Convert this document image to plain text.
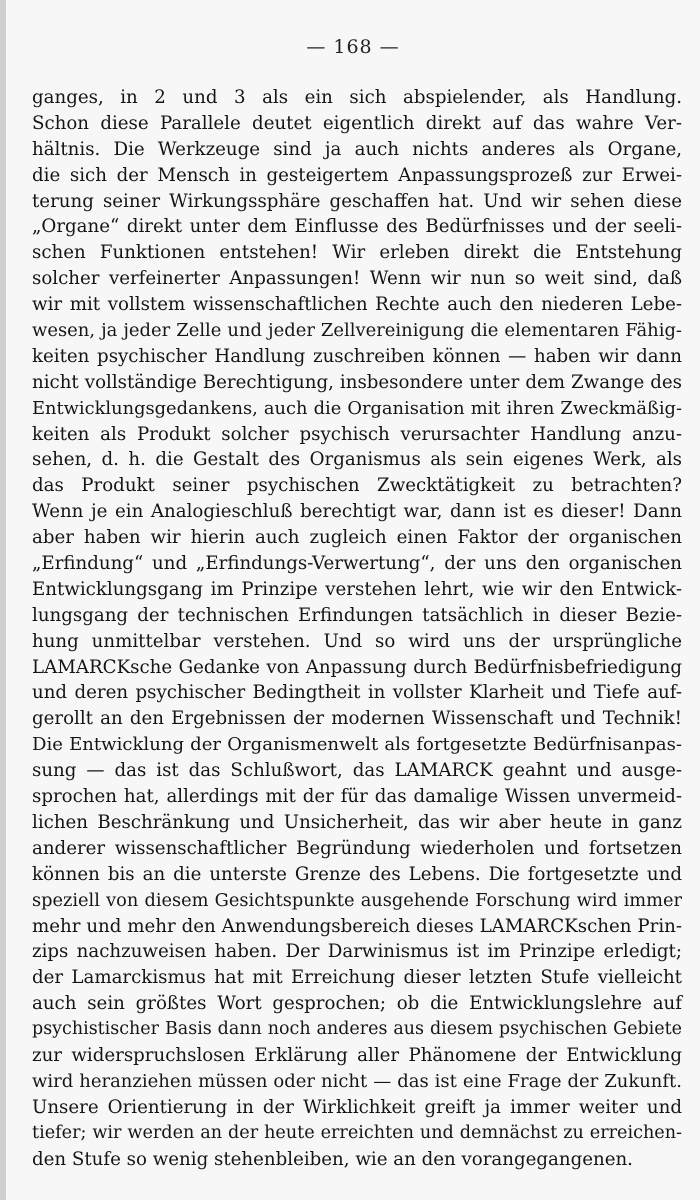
— 168 —
ganges, in 2 und 3 als ein sich abspielender, als Handlung.
Schon diese Parallele deutet eigentlich direkt auf das wahre Ver-
hältnis. Die Werkzeuge sind ja auch nichts anderes als Organe,
die sich der Mensch in gesteigertem Anpassungsprozeß zur Erwei-
terung seiner Wirkungssphäre geschaffen hat. Und wir sehen diese
„Organe“ direkt unter dem Einflusse des Bedürfnisses und der seeli-
schen Funktionen entstehen! Wir erleben direkt die Entstehung
solcher verfeinerter Anpassungen! Wenn wir nun so weit sind, daß
wir mit vollstem wissenschaftlichen Rechte auch den niederen Lebe-
wesen, ja jeder Zelle und jeder Zellvereinigung die elementaren Fähig-
keiten psychischer Handlung zuschreiben können — haben wir dann
nicht vollständige Berechtigung, insbesondere unter dem Zwange des
Entwicklungsgedankens, auch die Organisation mit ihren Zweckmäßig-
keiten als Produkt solcher psychisch verursachter Handlung anzu-
sehen, d. h. die Gestalt des Organismus als sein eigenes Werk, als
das Produkt seiner psychischen Zwecktätigkeit zu betrachten?
Wenn je ein Analogieschluß berechtigt war, dann ist es dieser! Dann
aber haben wir hierin auch zugleich einen Faktor der organischen
„Erfindung“ und „Erfindungs-Verwertung“, der uns den organischen
Entwicklungsgang im Prinzipe verstehen lehrt, wie wir den Entwick-
lungsgang der technischen Erfindungen tatsächlich in dieser Bezie-
hung unmittelbar verstehen. Und so wird uns der ursprüngliche
LAMARCKsche Gedanke von Anpassung durch Bedürfnisbefriedigung
und deren psychischer Bedingtheit in vollster Klarheit und Tiefe auf-
gerollt an den Ergebnissen der modernen Wissenschaft und Technik!
Die Entwicklung der Organismenwelt als fortgesetzte Bedürfnisanpas-
sung — das ist das Schlußwort, das LAMARCK geahnt und ausge-
sprochen hat, allerdings mit der für das damalige Wissen unvermeid-
lichen Beschränkung und Unsicherheit, das wir aber heute in ganz
anderer wissenschaftlicher Begründung wiederholen und fortsetzen
können bis an die unterste Grenze des Lebens. Die fortgesetzte und
speziell von diesem Gesichtspunkte ausgehende Forschung wird immer
mehr und mehr den Anwendungsbereich dieses LAMARCKschen Prin-
zips nachzuweisen haben. Der Darwinismus ist im Prinzipe erledigt;
der Lamarckismus hat mit Erreichung dieser letzten Stufe vielleicht
auch sein größtes Wort gesprochen; ob die Entwicklungslehre auf
psychistischer Basis dann noch anderes aus diesem psychischen Gebiete
zur widerspruchslosen Erklärung aller Phänomene der Entwicklung
wird heranziehen müssen oder nicht — das ist eine Frage der Zukunft.
Unsere Orientierung in der Wirklichkeit greift ja immer weiter und
tiefer; wir werden an der heute erreichten und demnächst zu erreichen-
den Stufe so wenig stehenbleiben, wie an den vorangegangenen.
